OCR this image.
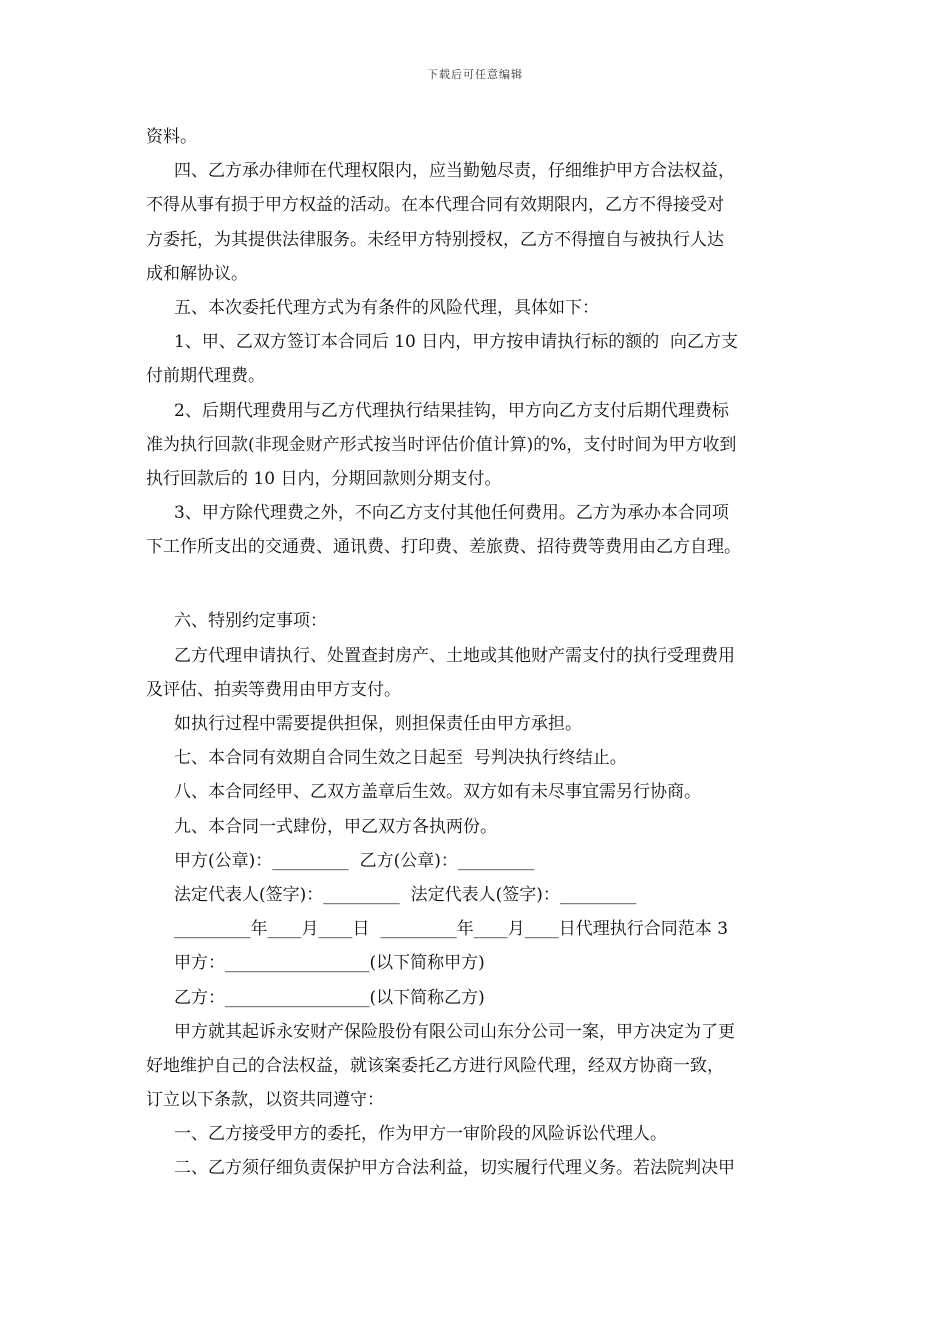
下载后可任意编辑
资料。
四、乙方承办律师在代理权限内，应当勤勉尽责，仔细维护甲方合法权益，
不得从事有损于甲方权益的活动。在本代理合同有效期限内，乙方不得接受对
方委托，为其提供法律服务。未经甲方特别授权，乙方不得擅自与被执行人达
成和解协议。
五、本次委托代理方式为有条件的风险代理，具体如下：
1、甲、乙双方签订本合同后 10 日内，甲方按申请执行标的额的  向乙方支
付前期代理费。
2、后期代理费用与乙方代理执行结果挂钩，甲方向乙方支付后期代理费标
准为执行回款(非现金财产形式按当时评估价值计算)的%，支付时间为甲方收到
执行回款后的 10 日内，分期回款则分期支付。
3、甲方除代理费之外，不向乙方支付其他任何费用。乙方为承办本合同项
下工作所支出的交通费、通讯费、打印费、差旅费、招待费等费用由乙方自理。
六、特别约定事项：
乙方代理申请执行、处置查封房产、土地或其他财产需支付的执行受理费用
及评估、拍卖等费用由甲方支付。
如执行过程中需要提供担保，则担保责任由甲方承担。
七、本合同有效期自合同生效之日起至  号判决执行终结止。
八、本合同经甲、乙双方盖章后生效。双方如有未尽事宜需另行协商。
九、本合同一式肆份，甲乙双方各执两份。
甲方(公章)：_________  乙方(公章)：_________
法定代表人(签字)：_________  法定代表人(签字)：_________
_________年____月____日  _________年____月____日代理执行合同范本 3
甲方：_________________(以下简称甲方)
乙方：_________________(以下简称乙方)
甲方就其起诉永安财产保险股份有限公司山东分公司一案，甲方决定为了更
好地维护自己的合法权益，就该案委托乙方进行风险代理，经双方协商一致，
订立以下条款，以资共同遵守：
一、乙方接受甲方的委托，作为甲方一审阶段的风险诉讼代理人。
二、乙方须仔细负责保护甲方合法利益，切实履行代理义务。若法院判决甲
